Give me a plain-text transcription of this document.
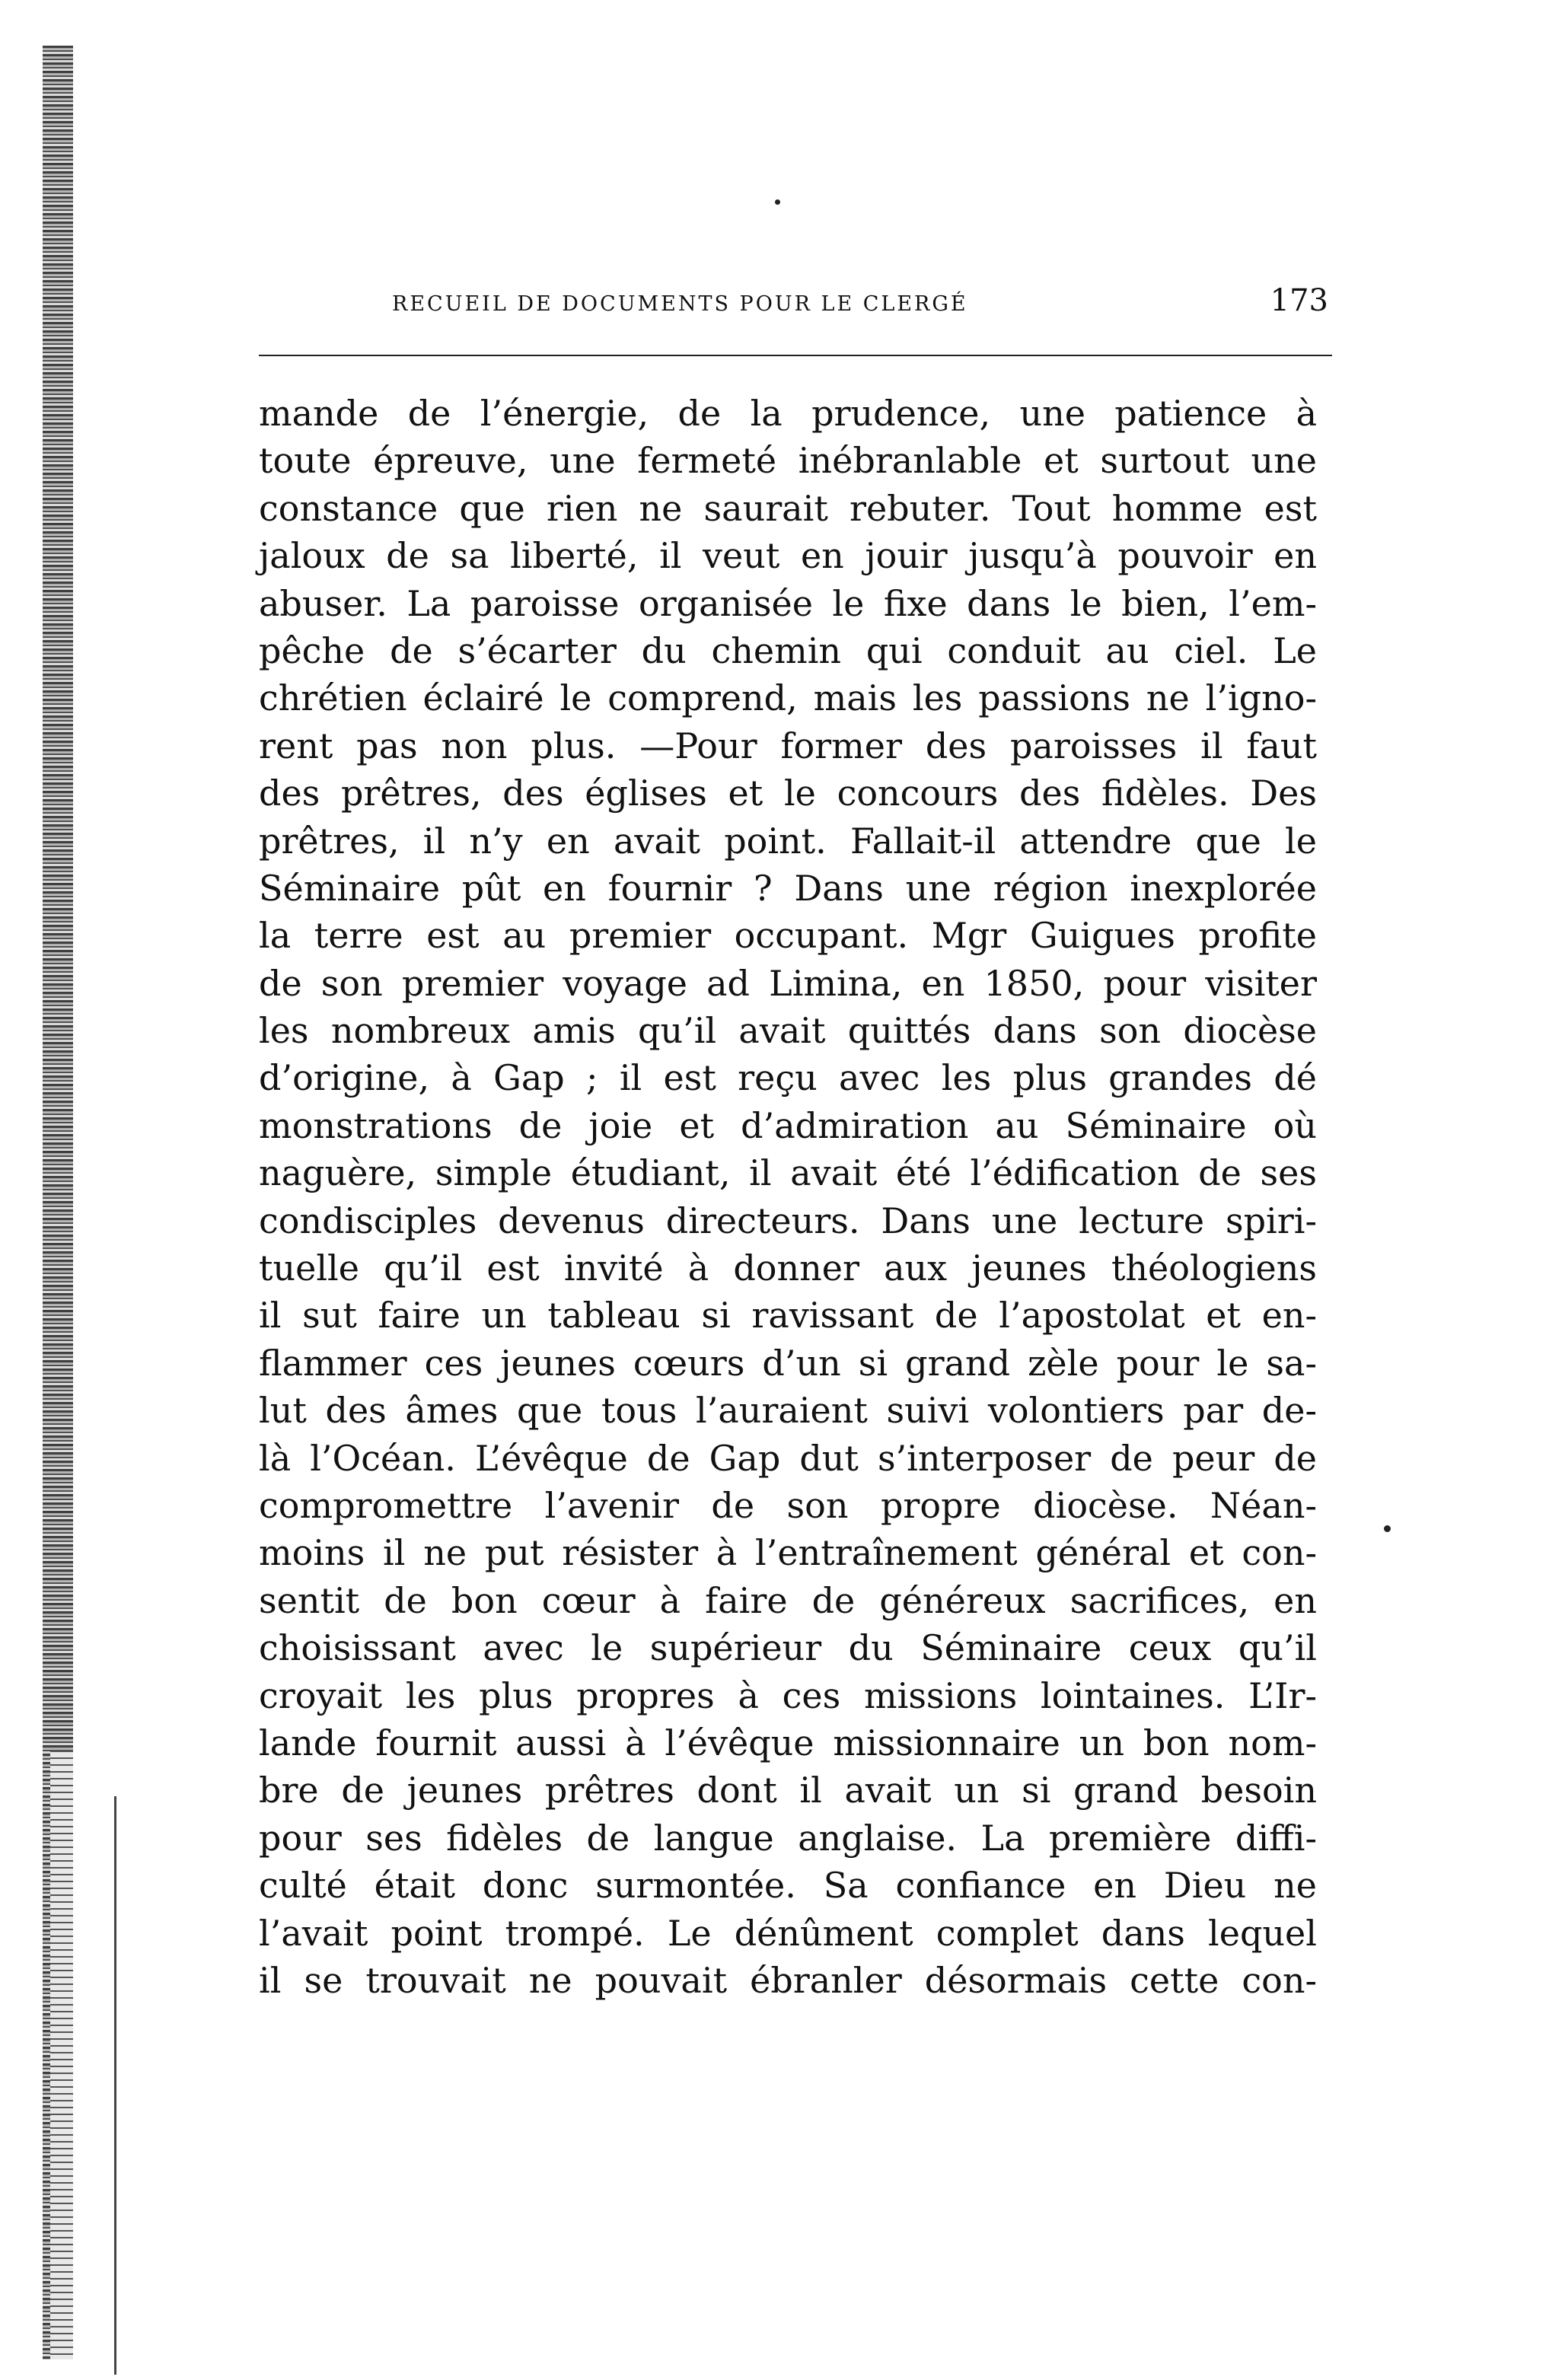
RECUEIL DE DOCUMENTS POUR LE CLERGÉ	173
mande de l’énergie, de la prudence, une patience à
toute épreuve, une fermeté inébranlable et surtout une
constance que rien ne saurait rebuter. Tout homme est
jaloux de sa liberté, il veut en jouir jusqu’à pouvoir en
abuser. La paroisse organisée le fixe dans le bien, l’em-
pêche de s’écarter du chemin qui conduit au ciel. Le
chrétien éclairé le comprend, mais les passions ne l’igno-
rent pas non plus. —Pour former des paroisses il faut
des prêtres, des églises et le concours des fidèles. Des
prêtres, il n’y en avait point. Fallait-il attendre que le
Séminaire pût en fournir ? Dans une région inexplorée
la terre est au premier occupant. Mgr Guigues profite
de son premier voyage ad Limina, en 1850, pour visiter
les nombreux amis qu’il avait quittés dans son diocèse
d’origine, à Gap ; il est reçu avec les plus grandes dé
monstrations de joie et d’admiration au Séminaire où
naguère, simple étudiant, il avait été l’édification de ses
condisciples devenus directeurs. Dans une lecture spiri-
tuelle qu’il est invité à donner aux jeunes théologiens
il sut faire un tableau si ravissant de l’apostolat et en-
flammer ces jeunes cœurs d’un si grand zèle pour le sa-
lut des âmes que tous l’auraient suivi volontiers par de-
là l’Océan. L’évêque de Gap dut s’interposer de peur de
compromettre l’avenir de son propre diocèse. Néan-
moins il ne put résister à l’entraînement général et con-
sentit de bon cœur à faire de généreux sacrifices, en
choisissant avec le supérieur du Séminaire ceux qu’il
croyait les plus propres à ces missions lointaines. L’Ir-
lande fournit aussi à l’évêque missionnaire un bon nom-
bre de jeunes prêtres dont il avait un si grand besoin
pour ses fidèles de langue anglaise. La première diffi-
culté était donc surmontée. Sa confiance en Dieu ne
l’avait point trompé. Le dénûment complet dans lequel
il se trouvait ne pouvait ébranler désormais cette con-
